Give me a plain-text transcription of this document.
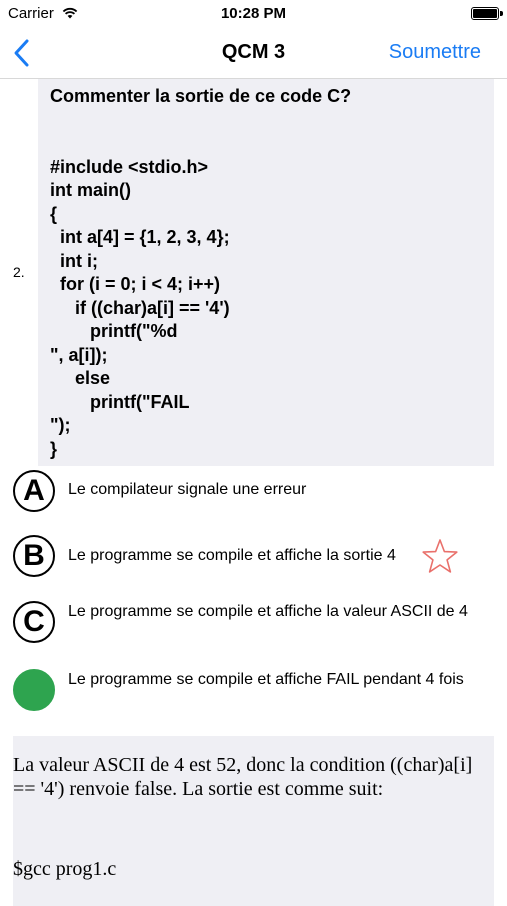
Carrier	10:28 PM
QCM 3	Soumettre
2.
Commenter la sortie de ce code C?

#include <stdio.h>
int main()
{
int a[4] = {1, 2, 3, 4};
int i;
for (i = 0; i < 4; i++)
if ((char)a[i] == '4')
printf("%d
", a[i]);
else
printf("FAIL
");
}
A	Le compilateur signale une erreur
B	Le programme se compile et affiche la sortie 4
C	Le programme se compile et affiche la valeur ASCII de 4
Le programme se compile et affiche FAIL pendant 4 fois

La valeur ASCII de 4 est 52, donc la condition ((char)a[i] == '4') renvoie false. La sortie est comme suit:

$gcc prog1.c
